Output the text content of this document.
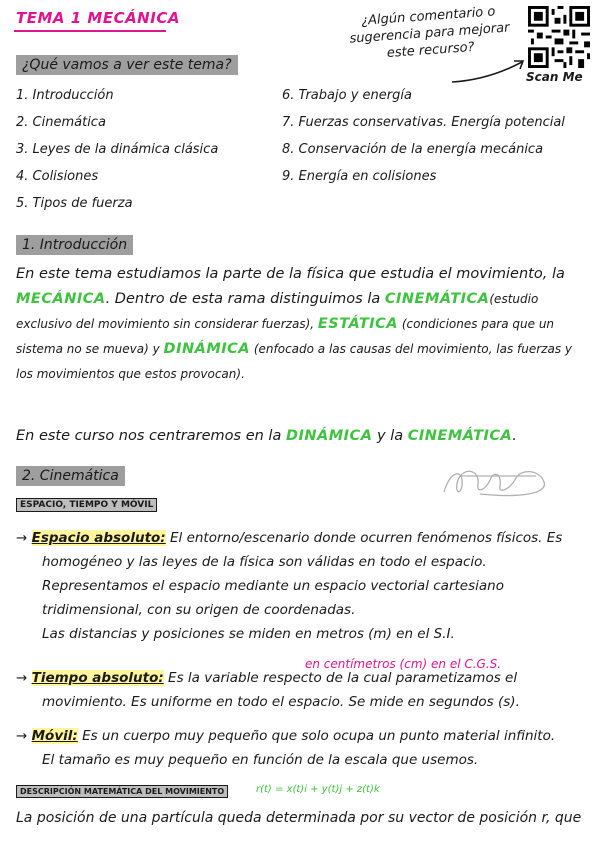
TEMA 1 MECÁNICA
¿Qué vamos a ver este tema?
¿Algún comentario o sugerencia para mejorar este recurso?
Scan Me
1. Introducción
2. Cinemática
3. Leyes de la dinámica clásica
4. Colisiones
5. Tipos de fuerza
6. Trabajo y energía
7. Fuerzas conservativas. Energía potencial
8. Conservación de la energía mecánica
9. Energía en colisiones
1. Introducción
En este tema estudiamos la parte de la física que estudia el movimiento, la MECÁNICA. Dentro de esta rama distinguimos la CINEMÁTICA(estudio exclusivo del movimiento sin considerar fuerzas), ESTÁTICA (condiciones para que un sistema no se mueva) y DINÁMICA (enfocado a las causas del movimiento, las fuerzas y los movimientos que estos provocan).
En este curso nos centraremos en la DINÁMICA y la CINEMÁTICA.
2. Cinemática
ESPACIO, TIEMPO Y MÓVIL
→ Espacio absoluto: El entorno/escenario donde ocurren fenómenos físicos. Es
homogéneo y las leyes de la física son válidas en todo el espacio.
Representamos el espacio mediante un espacio vectorial cartesiano
tridimensional, con su origen de coordenadas.
Las distancias y posiciones se miden en metros (m) en el S.I.
en centímetros (cm) en el C.G.S.
→ Tiempo absoluto: Es la variable respecto de la cual parametizamos el
movimiento. Es uniforme en todo el espacio. Se mide en segundos (s).
→ Móvil: Es un cuerpo muy pequeño que solo ocupa un punto material infinito.
El tamaño es muy pequeño en función de la escala que usemos.
DESCRIPCIÓN MATEMÁTICA DEL MOVIMIENTO	r(t) = x(t)i + y(t)j + z(t)k
La posición de una partícula queda determinada por su vector de posición r, que
